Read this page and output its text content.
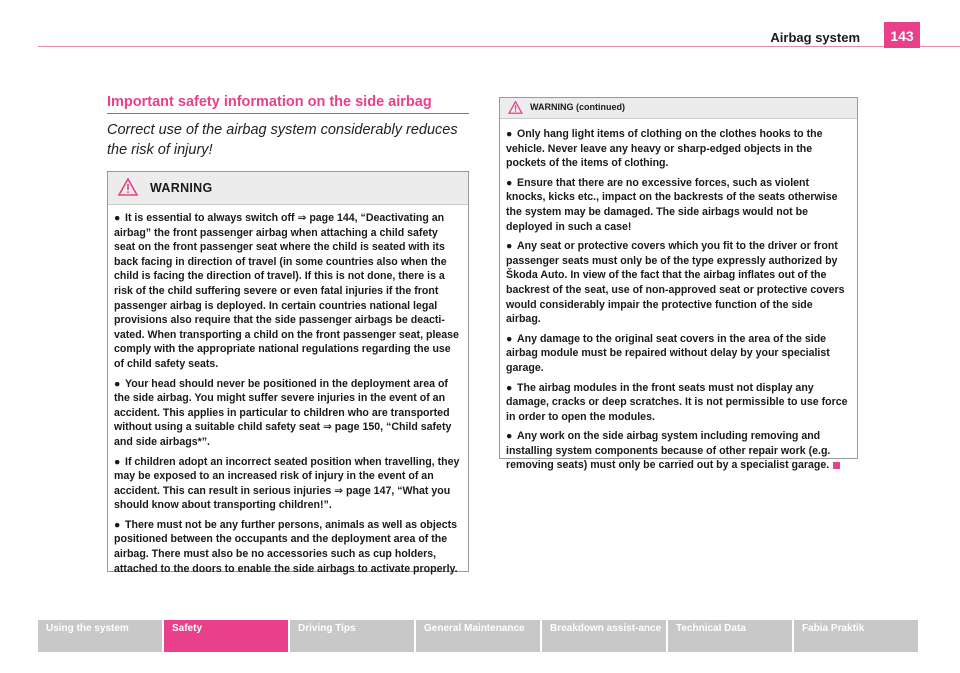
Airbag system	143
Important safety information on the side airbag
Correct use of the airbag system considerably reduces the risk of injury!
WARNING
● It is essential to always switch off ⇒ page 144, “Deactivating an airbag” the front passenger airbag when attaching a child safety seat on the front passenger seat where the child is seated with its back facing in direction of travel (in some countries also when the child is facing the direction of travel). If this is not done, there is a risk of the child suffering severe or even fatal injuries if the front passenger airbag is deployed. In certain countries national legal provisions also require that the side passenger airbags be deacti-vated. When transporting a child on the front passenger seat, please comply with the appropriate national regulations regarding the use of child safety seats.
● Your head should never be positioned in the deployment area of the side airbag. You might suffer severe injuries in the event of an accident. This applies in particular to children who are transported without using a suitable child safety seat ⇒ page 150, “Child safety and side airbags*”.
● If children adopt an incorrect seated position when travelling, they may be exposed to an increased risk of injury in the event of an accident. This can result in serious injuries ⇒ page 147, “What you should know about transporting children!”.
● There must not be any further persons, animals as well as objects positioned between the occupants and the deployment area of the airbag. There must also be no accessories such as cup holders, attached to the doors to enable the side airbags to activate properly.
WARNING (continued)
● Only hang light items of clothing on the clothes hooks to the vehicle. Never leave any heavy or sharp-edged objects in the pockets of the items of clothing.
● Ensure that there are no excessive forces, such as violent knocks, kicks etc., impact on the backrests of the seats otherwise the system may be damaged. The side airbags would not be deployed in such a case!
● Any seat or protective covers which you fit to the driver or front passenger seats must only be of the type expressly authorized by Škoda Auto. In view of the fact that the airbag inflates out of the backrest of the seat, use of non-approved seat or protective covers would considerably impair the protective function of the side airbag.
● Any damage to the original seat covers in the area of the side airbag module must be repaired without delay by your specialist garage.
● The airbag modules in the front seats must not display any damage, cracks or deep scratches. It is not permissible to use force in order to open the modules.
● Any work on the side airbag system including removing and installing system components because of other repair work (e.g. removing seats) must only be carried out by a specialist garage.
Using the system	Safety	Driving Tips	General Maintenance	Breakdown assist-ance	Technical Data	Fabia Praktik
